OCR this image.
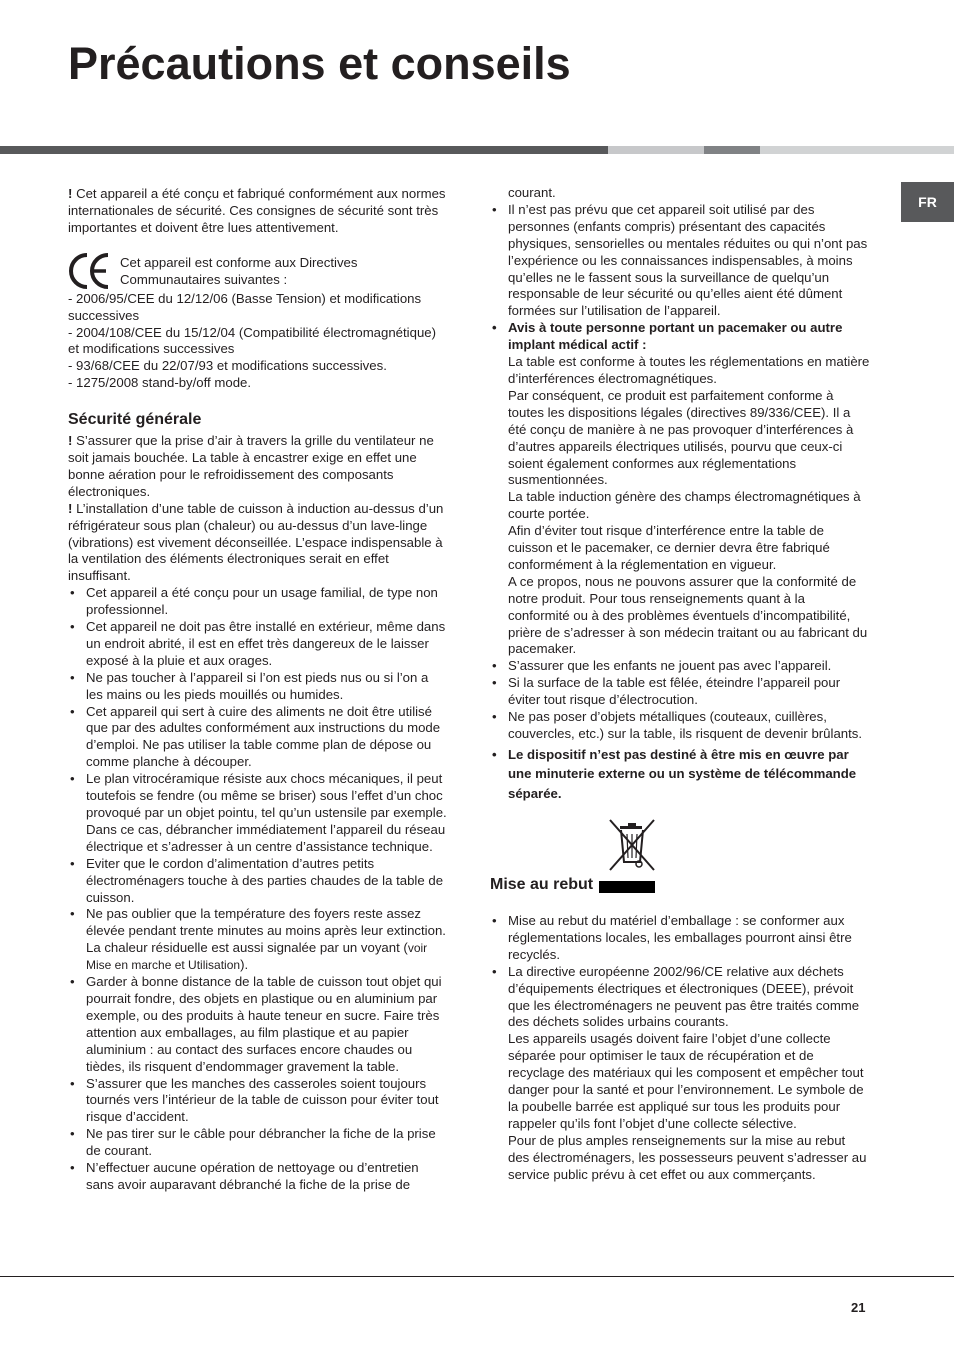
Précautions et conseils
FR

! Cet appareil a été conçu et fabriqué conformément aux normes internationales de sécurité. Ces consignes de sécurité sont très importantes et doivent être lues attentivement.

Cet appareil est conforme aux Directives Communautaires suivantes :

- 2006/95/CEE du 12/12/06 (Basse Tension) et modifications successives

- 2004/108/CEE du 15/12/04 (Compatibilité électromagnétique) et modifications successives

- 93/68/CEE du 22/07/93 et modifications successives.

- 1275/2008 stand-by/off mode.

Sécurité générale

! S’assurer que la prise d’air à travers la grille du ventilateur ne soit jamais bouchée. La table à encastrer exige en effet une bonne aération pour le refroidissement des composants électroniques.

! L’installation d’une table de cuisson à induction au-dessus d’un réfrigérateur sous plan (chaleur) ou au-dessus d’un lave-linge (vibrations) est vivement déconseillée. L’espace indispensable à la ventilation des éléments électroniques serait en effet insuffisant.

• Cet appareil a été conçu pour un usage familial, de type non professionnel.
• Cet appareil ne doit pas être installé en extérieur, même dans un endroit abrité, il est en effet très dangereux de le laisser exposé à la pluie et aux orages.
• Ne pas toucher à l’appareil si l’on est pieds nus ou si l’on a les mains ou les pieds mouillés ou humides.
• Cet appareil qui sert à cuire des aliments ne doit être utilisé que par des adultes conformément aux instructions du mode d’emploi. Ne pas utiliser la table comme plan de dépose ou comme planche à découper.
• Le plan vitrocéramique résiste aux chocs mécaniques, il peut toutefois se fendre (ou même se briser) sous l’effet d’un choc provoqué par un objet pointu, tel qu’un ustensile par exemple. Dans ce cas, débrancher immédiatement l’appareil du réseau électrique et s’adresser à un centre d’assistance technique.
• Eviter que le cordon d’alimentation d’autres petits électroménagers touche à des parties chaudes de la table de cuisson.
• Ne pas oublier que la température des foyers reste assez élevée pendant trente minutes au moins après leur extinction. La chaleur résiduelle est aussi signalée par un voyant (voir Mise en marche et Utilisation).
• Garder à bonne distance de la table de cuisson tout objet qui pourrait fondre, des objets en plastique ou en aluminium par exemple, ou des produits à haute teneur en sucre. Faire très attention aux emballages, au film plastique et au papier aluminium : au contact des surfaces encore chaudes ou tièdes, ils risquent d’endommager gravement la table.
• S’assurer que les manches des casseroles soient toujours tournés vers l’intérieur de la table de cuisson pour éviter tout risque d’accident.
• Ne pas tirer sur le câble pour débrancher la fiche de la prise de courant.
• N’effectuer aucune opération de nettoyage ou d’entretien sans avoir auparavant débranché la fiche de la prise de

courant.

• Il n’est pas prévu que cet appareil soit utilisé par des personnes (enfants compris) présentant des capacités physiques, sensorielles ou mentales réduites ou qui n’ont pas l’expérience ou les connaissances indispensables, à moins qu’elles ne le fassent sous la surveillance de quelqu’un responsable de leur sécurité ou qu’elles aient été dûment formées sur l’utilisation de l’appareil.
• Avis à toute personne portant un pacemaker ou autre implant médical actif :

La table est conforme à toutes les réglementations en matière d’interférences électromagnétiques.

Par conséquent, ce produit est parfaitement conforme à toutes les dispositions légales (directives 89/336/CEE). Il a été conçu de manière à ne pas provoquer d’interférences à d’autres appareils électriques utilisés, pourvu que ceux-ci soient également conformes aux réglementations susmentionnées.

La table induction génère des champs électromagnétiques à courte portée.

Afin d’éviter tout risque d’interférence entre la table de cuisson et le pacemaker, ce dernier devra être fabriqué conformément à la réglementation en vigueur.

A ce propos, nous ne pouvons assurer que la conformité de notre produit. Pour tous renseignements quant à la conformité ou à des problèmes éventuels d’incompatibilité, prière de s’adresser à son médecin traitant ou au fabricant du pacemaker.

• S’assurer que les enfants ne jouent pas avec l’appareil.
• Si la surface de la table est fêlée, éteindre l’appareil pour éviter tout risque d’électrocution.
• Ne pas poser d’objets métalliques (couteaux, cuillères, couvercles, etc.) sur la table, ils risquent de devenir brûlants.
• Le dispositif n’est pas destiné à être mis en œuvre par une minuterie externe ou un système de télécommande séparée.
Mise au rebut
• Mise au rebut du matériel d’emballage : se conformer aux réglementations locales, les emballages pourront ainsi être recyclés.

• La directive européenne 2002/96/CE relative aux déchets d’équipements électriques et électroniques (DEEE), prévoit que les électroménagers ne peuvent pas être traités comme des déchets solides urbains courants.

Les appareils usagés doivent faire l’objet d’une collecte séparée pour optimiser le taux de récupération et de recyclage des matériaux qui les composent et empêcher tout danger pour la santé et pour l’environnement. Le symbole de la poubelle barrée est appliqué sur tous les produits pour rappeler qu’ils font l’objet d’une collecte sélective.

Pour de plus amples renseignements sur la mise au rebut des électroménagers, les possesseurs peuvent s’adresser au service public prévu à cet effet ou aux commerçants.

21
